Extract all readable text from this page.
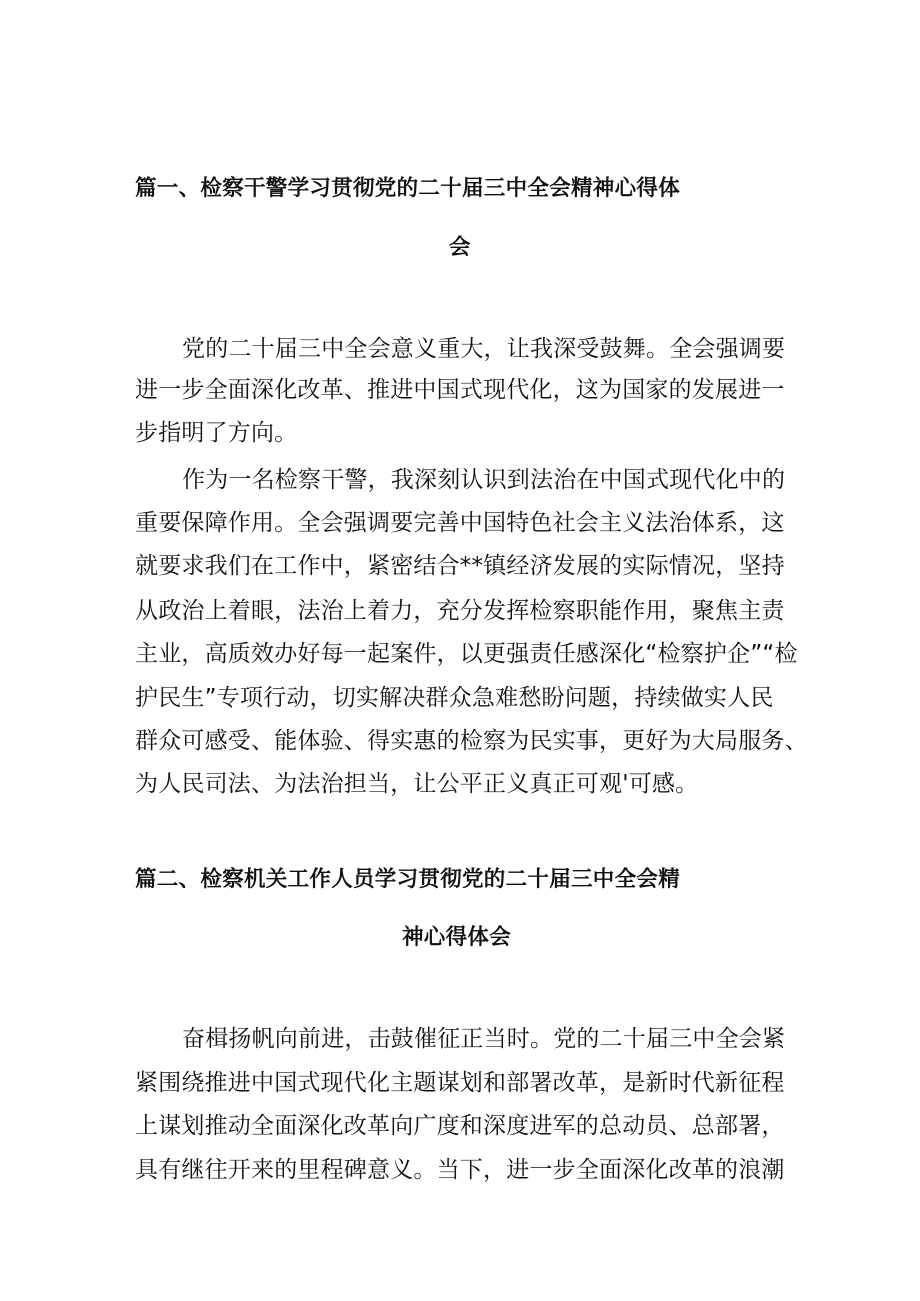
篇一、检察干警学习贯彻党的二十届三中全会精神心得体
会
党的二十届三中全会意义重大，让我深受鼓舞。全会强调要
进一步全面深化改革、推进中国式现代化，这为国家的发展进一
步指明了方向。
作为一名检察干警，我深刻认识到法治在中国式现代化中的
重要保障作用。全会强调要完善中国特色社会主义法治体系，这
就要求我们在工作中，紧密结合**镇经济发展的实际情况，坚持
从政治上着眼，法治上着力，充分发挥检察职能作用，聚焦主责
主业，高质效办好每一起案件，以更强责任感深化“检察护企”“检
护民生”专项行动，切实解决群众急难愁盼问题，持续做实人民
群众可感受、能体验、得实惠的检察为民实事，更好为大局服务、
为人民司法、为法治担当，让公平正义真正可观'可感。
篇二、检察机关工作人员学习贯彻党的二十届三中全会精
神心得体会
奋楫扬帆向前进，击鼓催征正当时。党的二十届三中全会紧
紧围绕推进中国式现代化主题谋划和部署改革，是新时代新征程
上谋划推动全面深化改革向广度和深度进军的总动员、总部署，
具有继往开来的里程碑意义。当下，进一步全面深化改革的浪潮
